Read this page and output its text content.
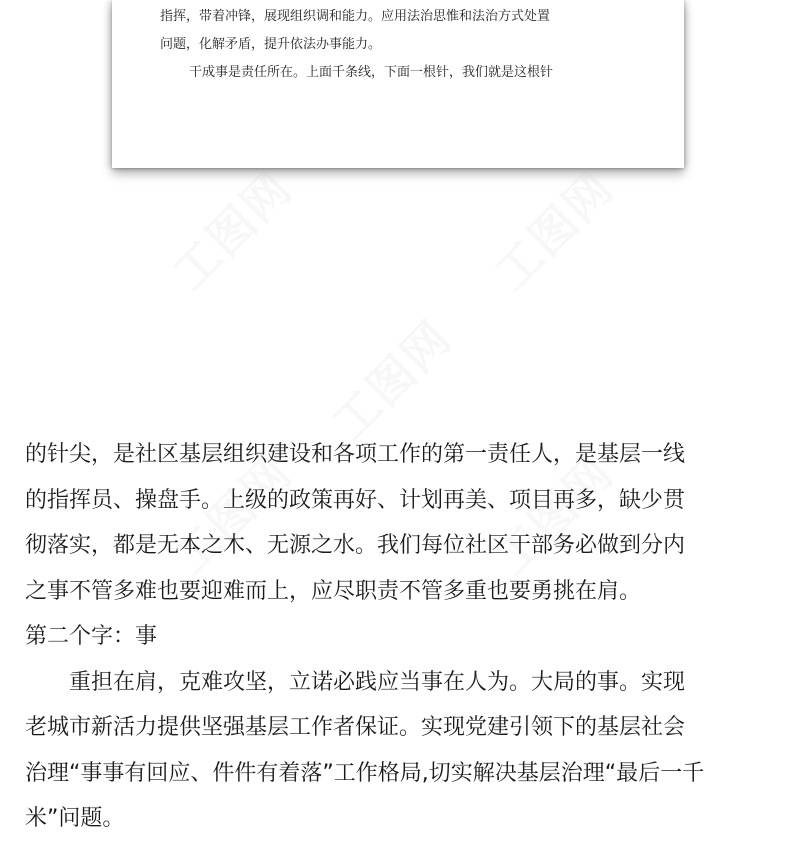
指挥，带着冲锋，展现组织调和能力。应用法治思惟和法治方式处置
问题，化解矛盾，提升依法办事能力。
干成事是责任所在。上面千条线，下面一根针，我们就是这根针
工图网	工图网
工图网
工图网	工图网
的针尖，是社区基层组织建设和各项工作的第一责任人，是基层一线
的指挥员、操盘手。上级的政策再好、计划再美、项目再多，缺少贯
彻落实，都是无本之木、无源之水。我们每位社区干部务必做到分内
之事不管多难也要迎难而上，应尽职责不管多重也要勇挑在肩。
第二个字：事
重担在肩，克难攻坚，立诺必践应当事在人为。大局的事。实现
老城市新活力提供坚强基层工作者保证。实现党建引领下的基层社会
治理“事事有回应、件件有着落”工作格局,切实解决基层治理“最后一千
米”问题。
